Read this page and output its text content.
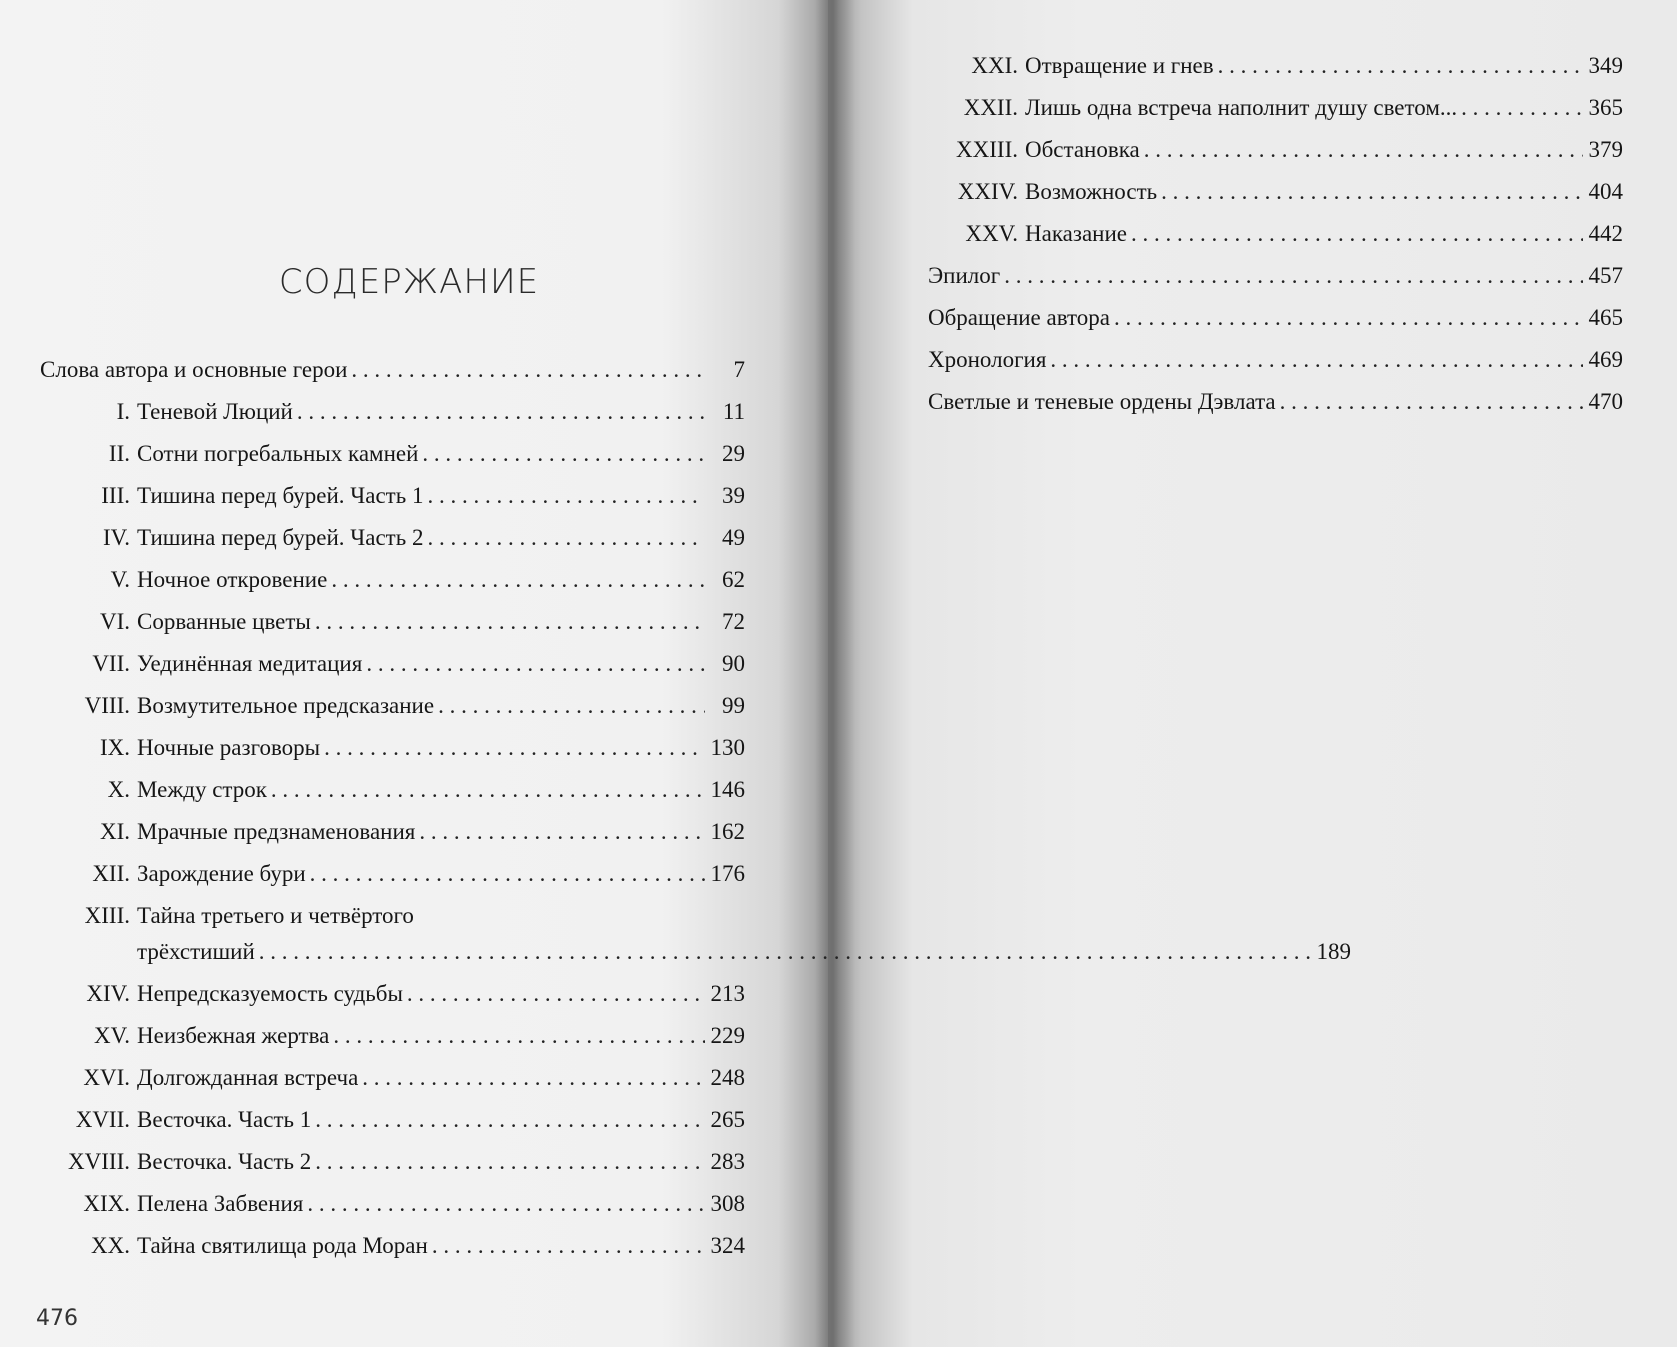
СОДЕРЖАНИЕ
Слова автора и основные герои . . .	7
I. Теневой Люций . . .	11
II. Сотни погребальных камней . . .	29
III. Тишина перед бурей. Часть 1 . . .	39
IV. Тишина перед бурей. Часть 2 . . .	49
V. Ночное откровение . . .	62
VI. Сорванные цветы . . .	72
VII. Уединённая медитация . . .	90
VIII. Возмутительное предсказание . . .	99
IX. Ночные разговоры . . .	130
X. Между строк . . .	146
XI. Мрачные предзнаменования . . .	162
XII. Зарождение бури . . .	176
XIII. Тайна третьего и четвёртого
трёхстиший . . .	189
XIV. Непредсказуемость судьбы . . .	213
XV. Неизбежная жертва . . .	229
XVI. Долгожданная встреча . . .	248
XVII. Весточка. Часть 1 . . .	265
XVIII. Весточка. Часть 2 . . .	283
XIX. Пелена Забвения . . .	308
XX. Тайна святилища рода Моран . . .	324
476
XXI. Отвращение и гнев . . .	349
XXII. Лишь одна встреча наполнит душу светом... . . .	365
XXIII. Обстановка . . .	379
XXIV. Возможность . . .	404
XXV. Наказание . . .	442
Эпилог . . .	457
Обращение автора . . .	465
Хронология . . .	469
Светлые и теневые ордены Дэвлата . . .	470
